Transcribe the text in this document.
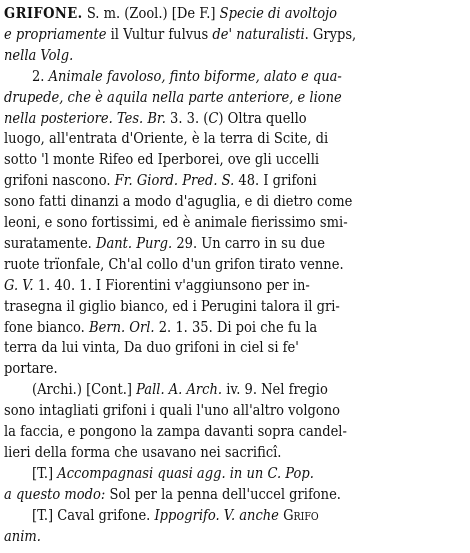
GRIFONE. S. m. (Zool.) [De F.] Specie di avoltojo
e propriamente il Vultur fulvus de' naturalisti. Gryps,
nella Volg.
2. Animale favoloso, finto biforme, alato e qua-
drupede, che è aquila nella parte anteriore, e lione
nella posteriore. Tes. Br. 3. 3. (C) Oltra quello
luogo, all'entrata d'Oriente, è la terra di Scite, di
sotto 'l monte Rifeo ed Iperborei, ove gli uccelli
grifoni nascono. Fr. Giord. Pred. S. 48. I grifoni
sono fatti dinanzi a modo d'aguglia, e di dietro come
leoni, e sono fortissimi, ed è animale fierissimo smi-
suratamente. Dant. Purg. 29. Un carro in su due
ruote trïonfale, Ch'al collo d'un grifon tirato venne.
G. V. 1. 40. 1. I Fiorentini v'aggiunsono per in-
trasegna il giglio bianco, ed i Perugini talora il gri-
fone bianco. Bern. Orl. 2. 1. 35. Di poi che fu la
terra da lui vinta, Da duo grifoni in ciel si fe'
portare.
(Archi.) [Cont.] Pall. A. Arch. iv. 9. Nel fregio
sono intagliati grifoni i quali l'uno all'altro volgono
la faccia, e pongono la zampa davanti sopra candel-
lieri della forma che usavano nei sacrificî.
[T.] Accompagnasi quasi agg. in un C. Pop.
a questo modo: Sol per la penna dell'uccel grifone.
[T.] Caval grifone. Ippogrifo. V. anche Grifo
anim.
